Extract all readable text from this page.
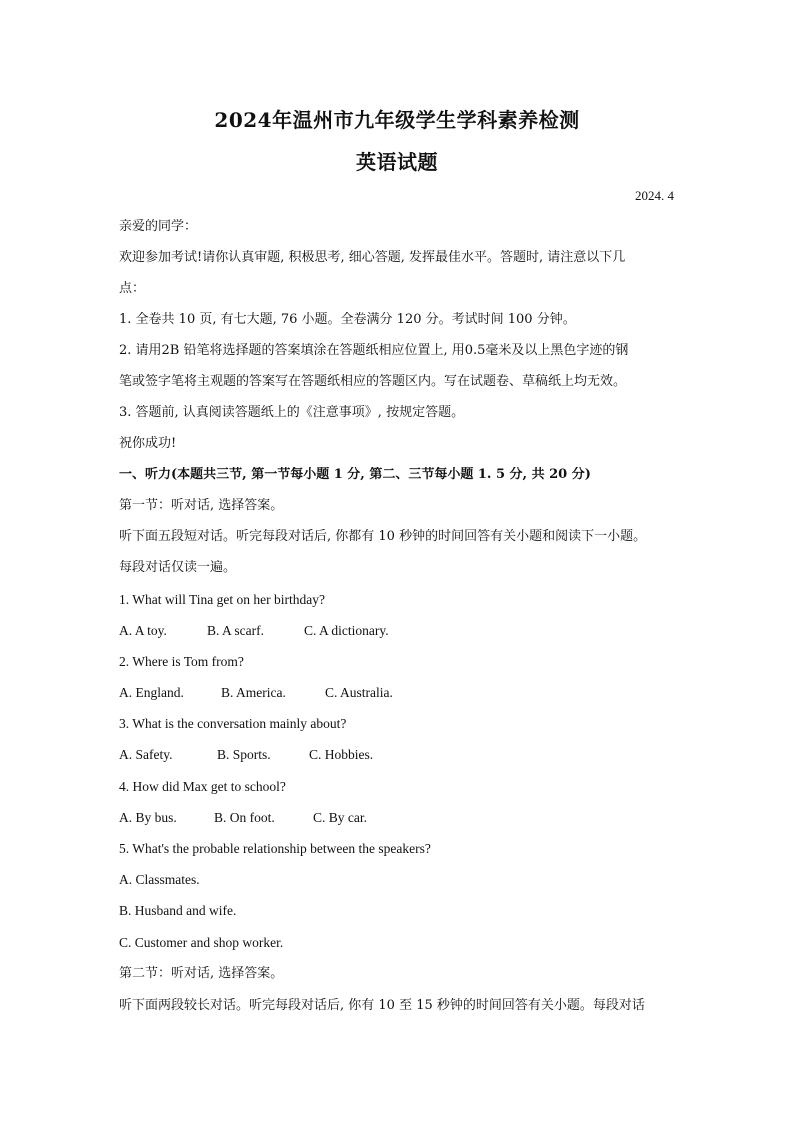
2024年温州市九年级学生学科素养检测
英语试题
2024. 4
亲爱的同学：
欢迎参加考试!请你认真审题, 积极思考, 细心答题, 发挥最佳水平。答题时, 请注意以下几
点：
1. 全卷共 10 页, 有七大题, 76 小题。全卷满分 120 分。考试时间 100 分钟。
2. 请用2B 铅笔将选择题的答案填涂在答题纸相应位置上, 用0.5毫米及以上黑色字迹的钢
笔或签字笔将主观题的答案写在答题纸相应的答题区内。写在试题卷、草稿纸上均无效。
3. 答题前, 认真阅读答题纸上的《注意事项》, 按规定答题。
祝你成功!
一、听力(本题共三节, 第一节每小题 1 分, 第二、三节每小题 1. 5 分, 共 20 分)
第一节：听对话, 选择答案。
听下面五段短对话。听完每段对话后, 你都有 10 秒钟的时间回答有关小题和阅读下一小题。
每段对话仅读一遍。
1. What will Tina get on her birthday?
A. A toy.	B. A scarf.	C. A dictionary.
2. Where is Tom from?
A. England.	B. America.	C. Australia.
3. What is the conversation mainly about?
A. Safety.	B. Sports.	C. Hobbies.
4. How did Max get to school?
A. By bus.	B. On foot.	C. By car.
5. What's the probable relationship between the speakers?
A. Classmates.
B. Husband and wife.
C. Customer and shop worker.
第二节：听对话, 选择答案。
听下面两段较长对话。听完每段对话后, 你有 10 至 15 秒钟的时间回答有关小题。每段对话
